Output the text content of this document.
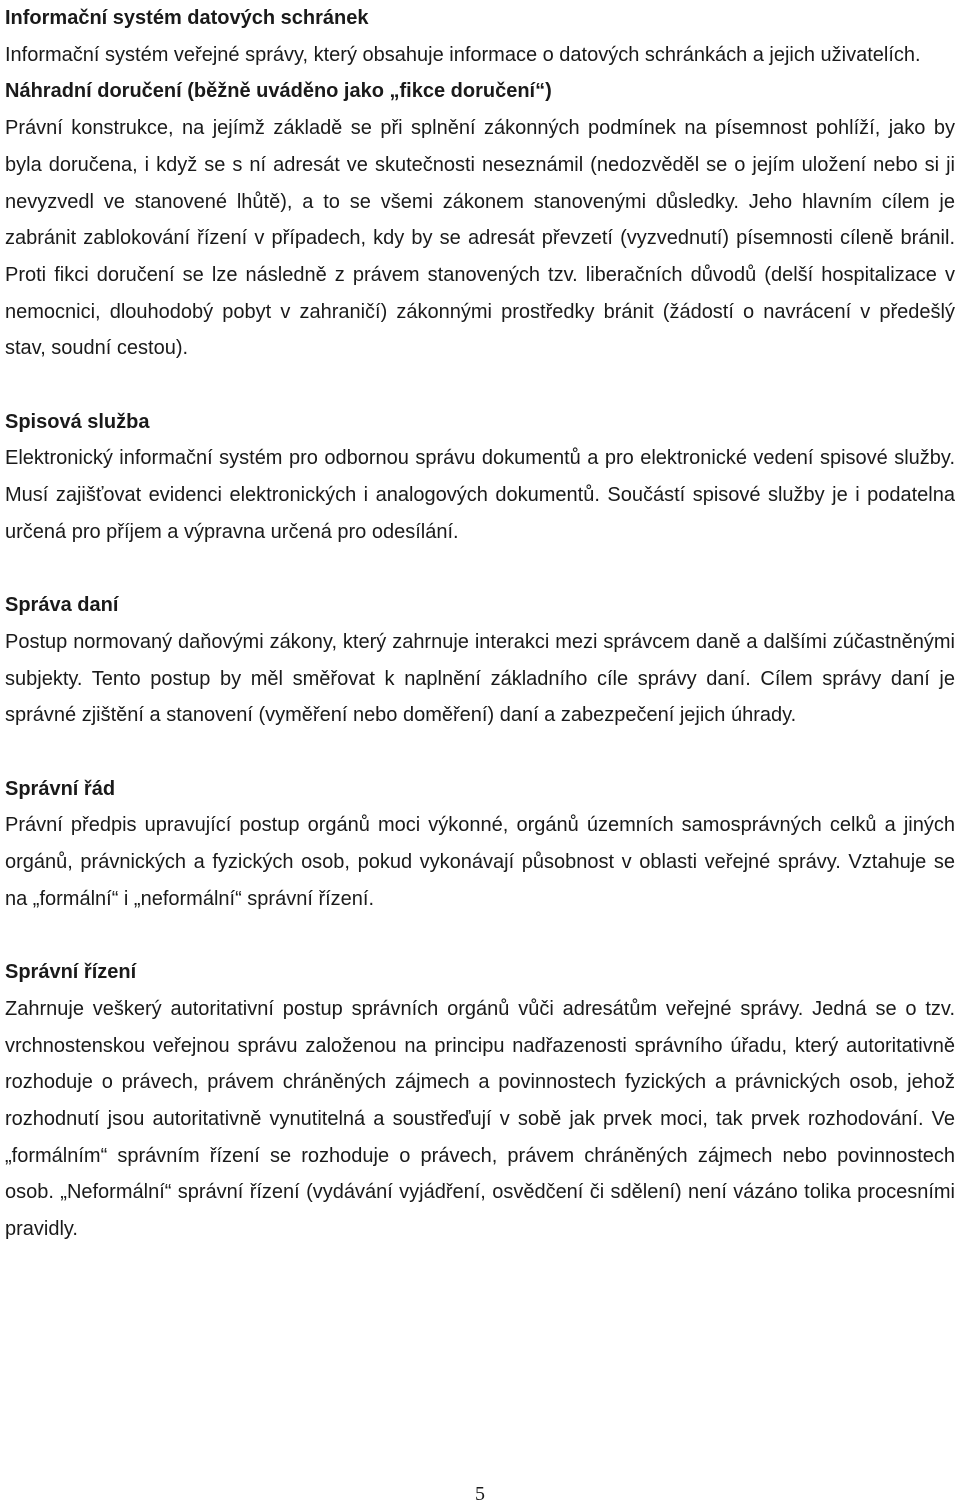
Informační systém datových schránek

Informační systém veřejné správy, který obsahuje informace o datových schránkách a jejich uživatelích.

Náhradní doručení (běžně uváděno jako „fikce doručení“)

Právní konstrukce, na jejímž základě se při splnění zákonných podmínek na písemnost pohlíží, jako by byla doručena, i když se s ní adresát ve skutečnosti neseznámil (nedozvěděl se o jejím uložení nebo si ji nevyzvedl ve stanovené lhůtě), a to se všemi zákonem stanovenými důsledky. Jeho hlavním cílem je zabránit zablokování řízení v případech, kdy by se adresát převzetí (vyzvednutí) písemnosti cíleně bránil. Proti fikci doručení se lze následně z právem stanovených tzv. liberačních důvodů (delší hospitalizace v nemocnici, dlouhodobý pobyt v zahraničí) zákonnými prostředky bránit (žádostí o navrácení v předešlý stav, soudní cestou).

Spisová služba

Elektronický informační systém pro odbornou správu dokumentů a pro elektronické vedení spisové služby. Musí zajišťovat evidenci elektronických i analogových dokumentů. Součástí spisové služby je i podatelna určená pro příjem a výpravna určená pro odesílání.

Správa daní

Postup normovaný daňovými zákony, který zahrnuje interakci mezi správcem daně a dalšími zúčastněnými subjekty. Tento postup by měl směřovat k naplnění základního cíle správy daní. Cílem správy daní je správné zjištění a stanovení (vyměření nebo doměření) daní a zabezpečení jejich úhrady.

Správní řád

Právní předpis upravující postup orgánů moci výkonné, orgánů územních samosprávných celků a jiných orgánů, právnických a fyzických osob, pokud vykonávají působnost v oblasti veřejné správy. Vztahuje se na „formální“ i „neformální“ správní řízení.

Správní řízení

Zahrnuje veškerý autoritativní postup správních orgánů vůči adresátům veřejné správy. Jedná se o tzv. vrchnostenskou veřejnou správu založenou na principu nadřazenosti správního úřadu, který autoritativně rozhoduje o právech, právem chráněných zájmech a povinnostech fyzických a právnických osob, jehož rozhodnutí jsou autoritativně vynutitelná a soustřeďují v sobě jak prvek moci, tak prvek rozhodování. Ve „formálním“ správním řízení se rozhoduje o právech, právem chráněných zájmech nebo povinnostech osob. „Neformální“ správní řízení (vydávání vyjádření, osvědčení či sdělení) není vázáno tolika procesními pravidly.

5
